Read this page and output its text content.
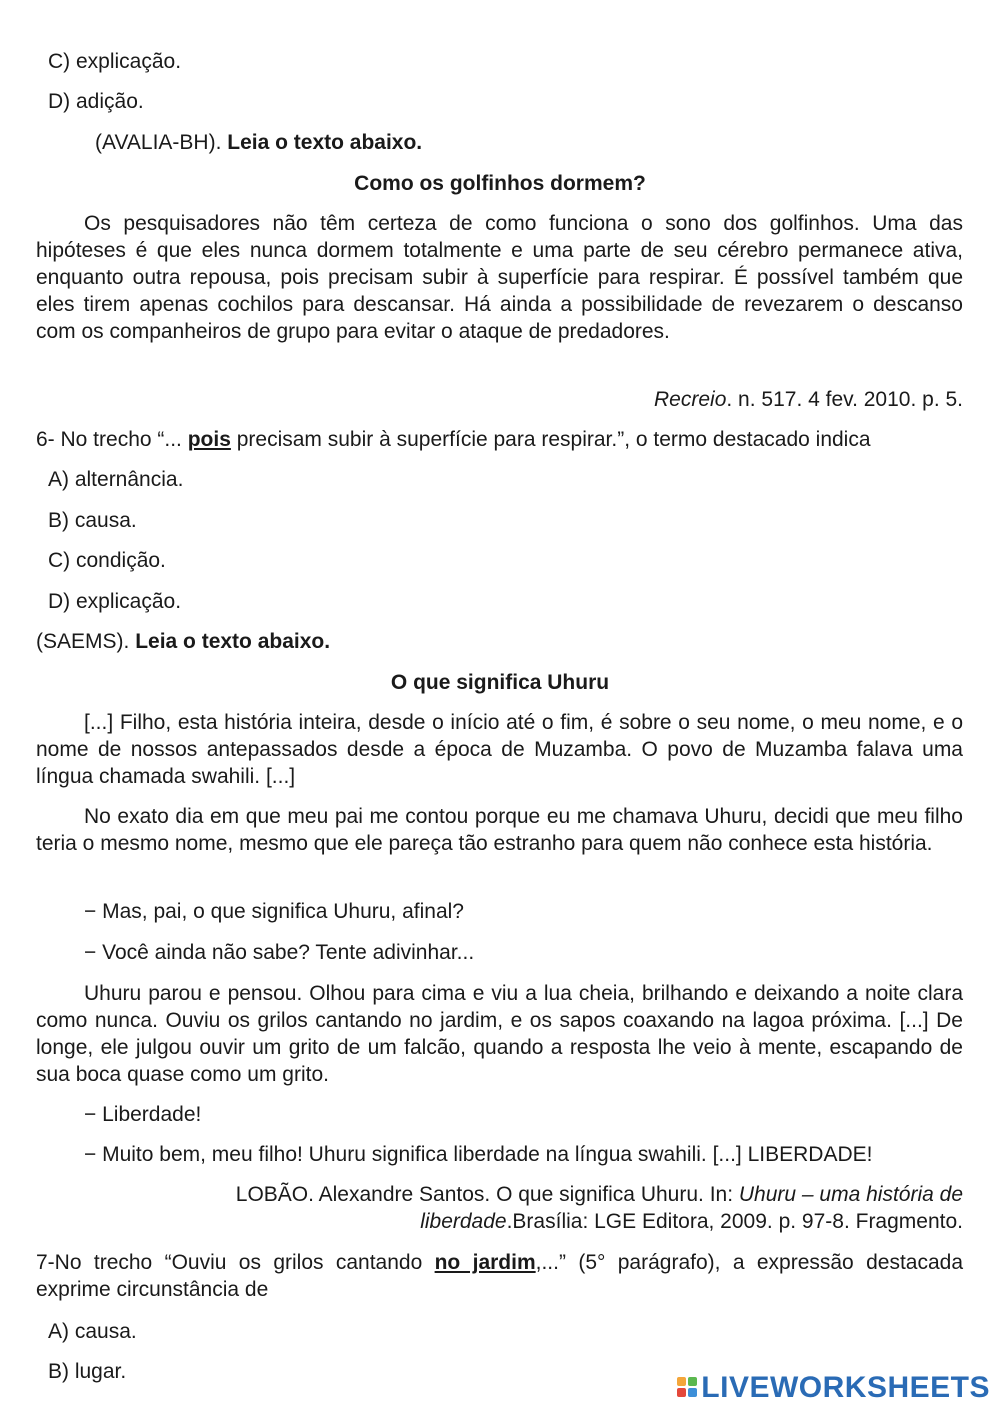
C) explicação.
D) adição.
(AVALIA-BH). Leia o texto abaixo.
Como os golfinhos dormem?
Os pesquisadores não têm certeza de como funciona o sono dos golfinhos. Uma das hipóteses é que eles nunca dormem totalmente e uma parte de seu cérebro permanece ativa, enquanto outra repousa, pois precisam subir à superfície para respirar. É possível também que eles tirem apenas cochilos para descansar. Há ainda a possibilidade de revezarem o descanso com os companheiros de grupo para evitar o ataque de predadores.
Recreio. n. 517. 4 fev. 2010. p. 5.
6- No trecho “... pois precisam subir à superfície para respirar.”, o termo destacado indica
A) alternância.
B) causa.
C) condição.
D) explicação.
(SAEMS). Leia o texto abaixo.
O que significa Uhuru
[...] Filho, esta história inteira, desde o início até o fim, é sobre o seu nome, o meu nome, e o nome de nossos antepassados desde a época de Muzamba. O povo de Muzamba falava uma língua chamada swahili. [...]
No exato dia em que meu pai me contou porque eu me chamava Uhuru, decidi que meu filho teria o mesmo nome, mesmo que ele pareça tão estranho para quem não conhece esta história.
− Mas, pai, o que significa Uhuru, afinal?
− Você ainda não sabe? Tente adivinhar...
Uhuru parou e pensou. Olhou para cima e viu a lua cheia, brilhando e deixando a noite clara como nunca. Ouviu os grilos cantando no jardim, e os sapos coaxando na lagoa próxima. [...] De longe, ele julgou ouvir um grito de um falcão, quando a resposta lhe veio à mente, escapando de sua boca quase como um grito.
− Liberdade!
− Muito bem, meu filho! Uhuru significa liberdade na língua swahili. [...] LIBERDADE!
LOBÃO. Alexandre Santos. O que significa Uhuru. In: Uhuru – uma história de liberdade.Brasília: LGE Editora, 2009. p. 97-8. Fragmento.
7-No trecho “Ouviu os grilos cantando no jardim,...” (5° parágrafo), a expressão destacada exprime circunstância de
A) causa.
B) lugar.	LIVEWORKSHEETS
